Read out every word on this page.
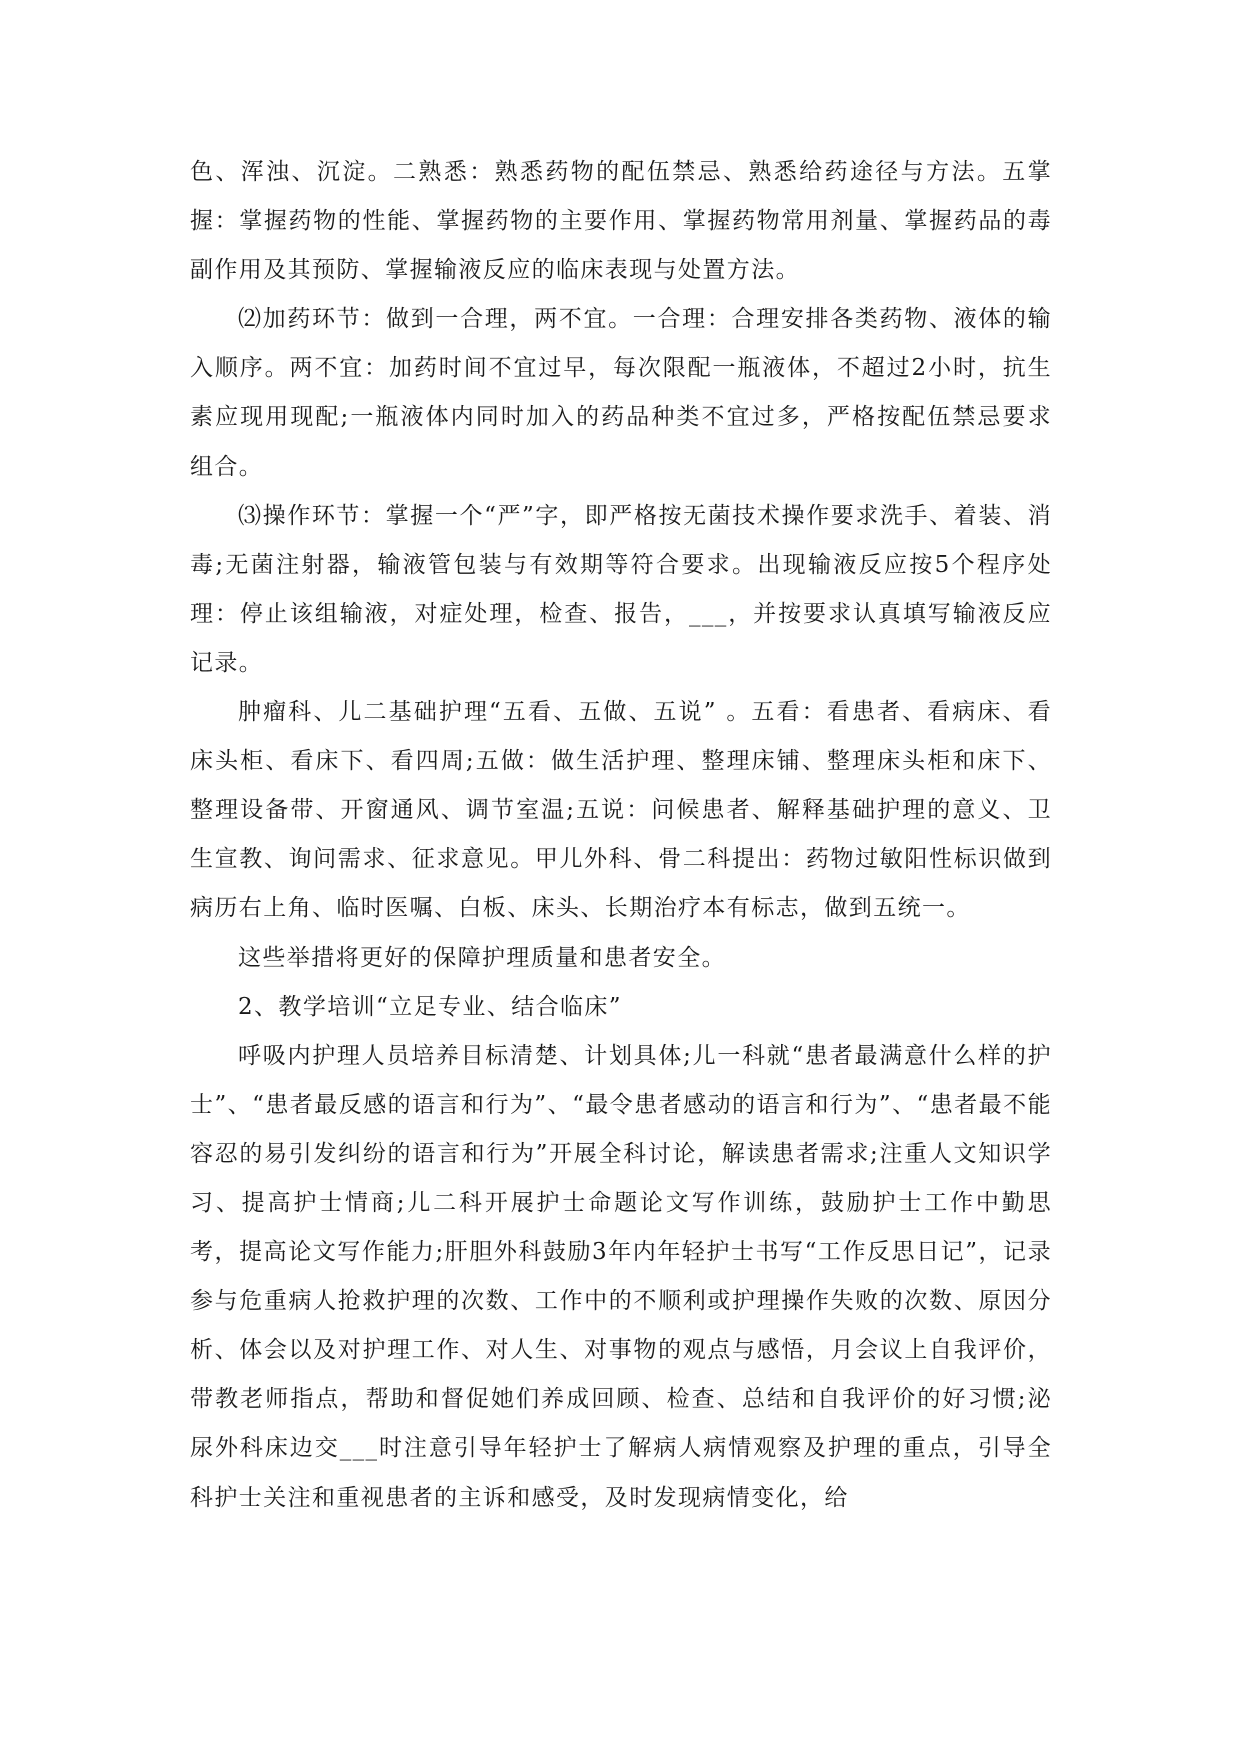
色、浑浊、沉淀。二熟悉：熟悉药物的配伍禁忌、熟悉给药途径与方法。五掌握：掌握药物的性能、掌握药物的主要作用、掌握药物常用剂量、掌握药品的毒副作用及其预防、掌握输液反应的临床表现与处置方法。

⑵加药环节：做到一合理，两不宜。一合理：合理安排各类药物、液体的输入顺序。两不宜：加药时间不宜过早，每次限配一瓶液体，不超过2小时，抗生素应现用现配;一瓶液体内同时加入的药品种类不宜过多，严格按配伍禁忌要求组合。

⑶操作环节：掌握一个“严”字，即严格按无菌技术操作要求洗手、着装、消毒;无菌注射器，输液管包装与有效期等符合要求。出现输液反应按5个程序处理：停止该组输液，对症处理，检查、报告，___，并按要求认真填写输液反应记录。

肿瘤科、儿二基础护理“五看、五做、五说” 。五看：看患者、看病床、看床头柜、看床下、看四周;五做：做生活护理、整理床铺、整理床头柜和床下、整理设备带、开窗通风、调节室温;五说：问候患者、解释基础护理的意义、卫生宣教、询问需求、征求意见。甲儿外科、骨二科提出：药物过敏阳性标识做到病历右上角、临时医嘱、白板、床头、长期治疗本有标志，做到五统一。

这些举措将更好的保障护理质量和患者安全。

2、教学培训“立足专业、结合临床”

呼吸内护理人员培养目标清楚、计划具体;儿一科就“患者最满意什么样的护士”、“患者最反感的语言和行为”、“最令患者感动的语言和行为”、“患者最不能容忍的易引发纠纷的语言和行为”开展全科讨论，解读患者需求;注重人文知识学习、提高护士情商;儿二科开展护士命题论文写作训练，鼓励护士工作中勤思考，提高论文写作能力;肝胆外科鼓励3年内年轻护士书写“工作反思日记”，记录参与危重病人抢救护理的次数、工作中的不顺利或护理操作失败的次数、原因分析、体会以及对护理工作、对人生、对事物的观点与感悟，月会议上自我评价，带教老师指点，帮助和督促她们养成回顾、检查、总结和自我评价的好习惯;泌尿外科床边交___时注意引导年轻护士了解病人病情观察及护理的重点，引导全科护士关注和重视患者的主诉和感受，及时发现病情变化，给
